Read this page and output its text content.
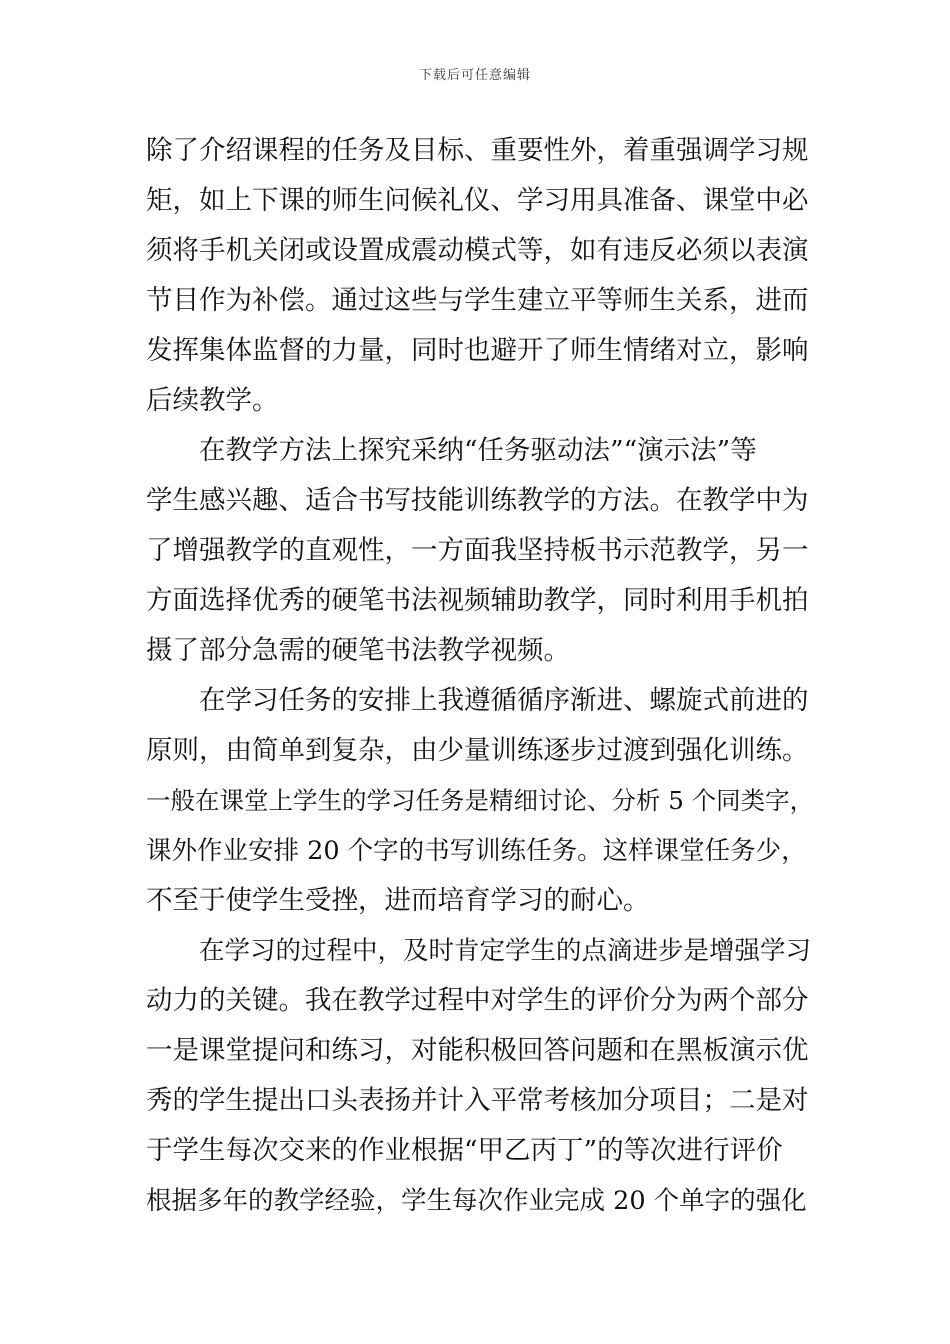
下载后可任意编辑
除了介绍课程的任务及目标、重要性外，着重强调学习规
矩，如上下课的师生问候礼仪、学习用具准备、课堂中必
须将手机关闭或设置成震动模式等，如有违反必须以表演
节目作为补偿。通过这些与学生建立平等师生关系，进而
发挥集体监督的力量，同时也避开了师生情绪对立，影响
后续教学。
在教学方法上探究采纳“任务驱动法”“演示法”等
学生感兴趣、适合书写技能训练教学的方法。在教学中为
了增强教学的直观性，一方面我坚持板书示范教学，另一
方面选择优秀的硬笔书法视频辅助教学，同时利用手机拍
摄了部分急需的硬笔书法教学视频。
在学习任务的安排上我遵循循序渐进、螺旋式前进的
原则，由简单到复杂，由少量训练逐步过渡到强化训练。
一般在课堂上学生的学习任务是精细讨论、分析 5 个同类字，
课外作业安排 20 个字的书写训练任务。这样课堂任务少，
不至于使学生受挫，进而培育学习的耐心。
在学习的过程中，及时肯定学生的点滴进步是增强学习
动力的关键。我在教学过程中对学生的评价分为两个部分
一是课堂提问和练习，对能积极回答问题和在黑板演示优
秀的学生提出口头表扬并计入平常考核加分项目；二是对
于学生每次交来的作业根据“甲乙丙丁”的等次进行评价
根据多年的教学经验，学生每次作业完成 20 个单字的强化
